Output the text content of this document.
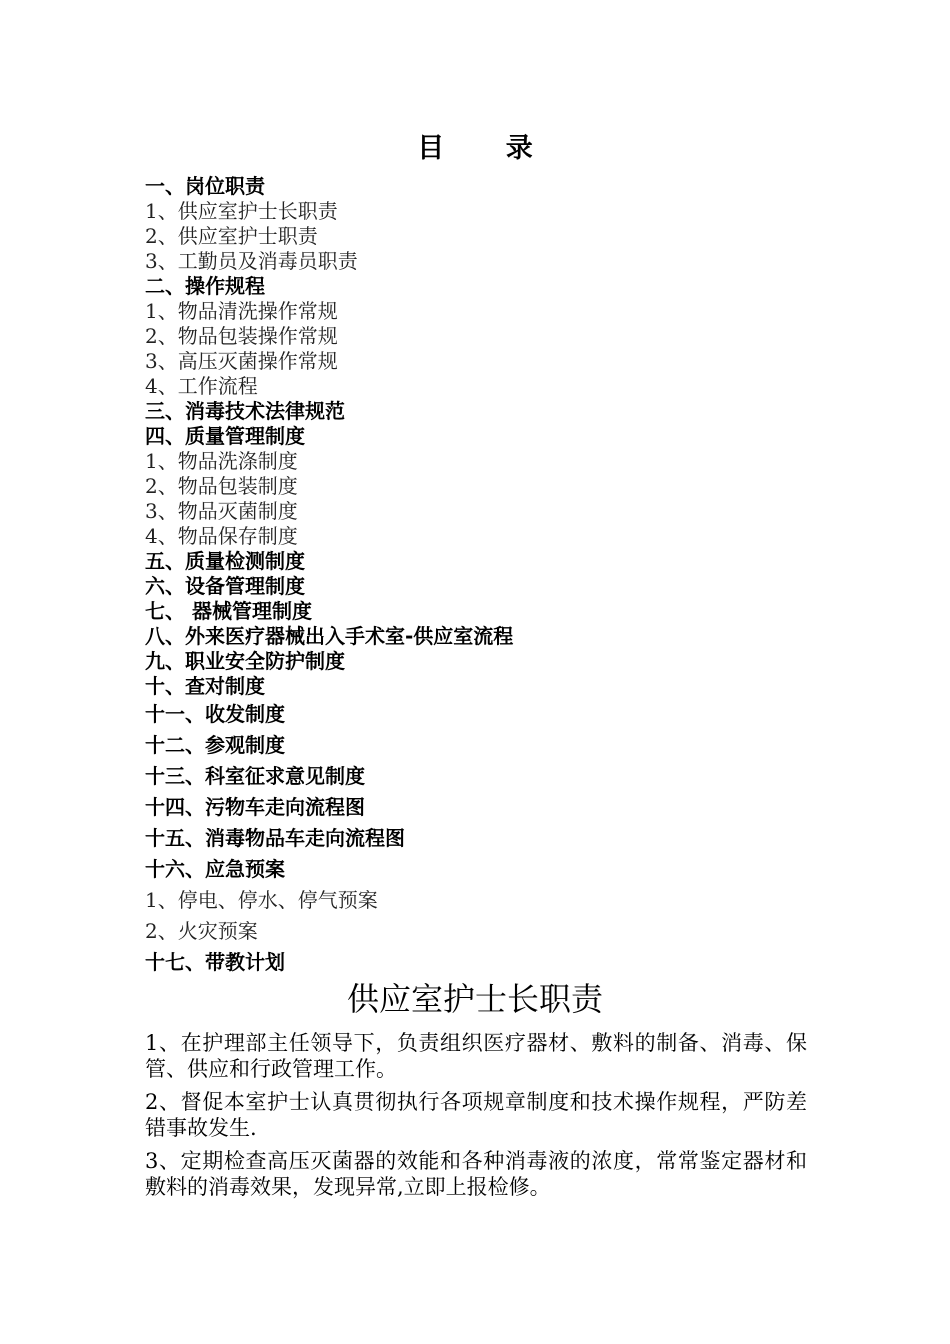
目 录
一、岗位职责
1、供应室护士长职责
2、供应室护士职责
3、工勤员及消毒员职责
二、操作规程
1、物品清洗操作常规
2、物品包装操作常规
3、高压灭菌操作常规
4、工作流程
三、消毒技术法律规范
四、质量管理制度
1、物品洗涤制度
2、物品包装制度
3、物品灭菌制度
4、物品保存制度
五、质量检测制度
六、设备管理制度
七、 器械管理制度
八、外来医疗器械出入手术室-供应室流程
九、职业安全防护制度
十、查对制度
十一、收发制度
十二、参观制度
十三、科室征求意见制度
十四、污物车走向流程图
十五、消毒物品车走向流程图
十六、应急预案
1、停电、停水、停气预案
2、火灾预案
十七、带教计划
供应室护士长职责

1、在护理部主任领导下，负责组织医疗器材、敷料的制备、消毒、保管、供应和行政管理工作。

2、督促本室护士认真贯彻执行各项规章制度和技术操作规程，严防差错事故发生.

3、定期检查高压灭菌器的效能和各种消毒液的浓度，常常鉴定器材和敷料的消毒效果，发现异常,立即上报检修。
